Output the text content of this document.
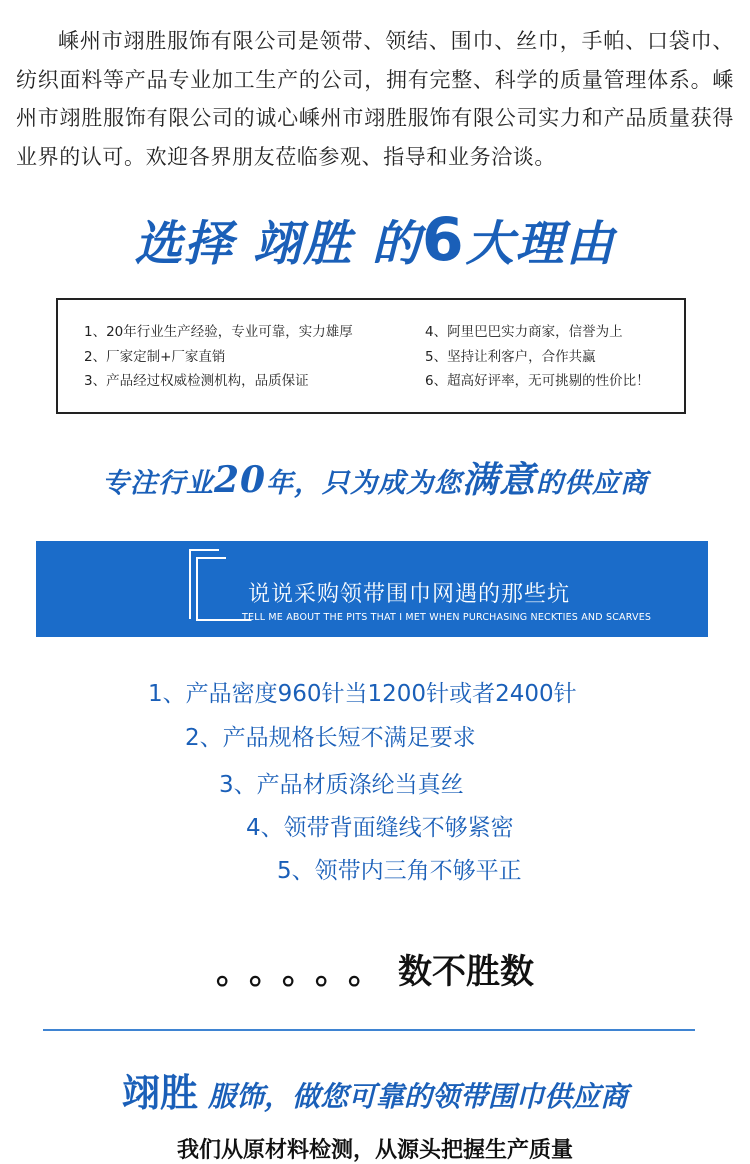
嵊州市翊胜服饰有限公司是领带、领结、围巾、丝巾，手帕、口袋巾、纺织面料等产品专业加工生产的公司，拥有完整、科学的质量管理体系。嵊州市翊胜服饰有限公司的诚心嵊州市翊胜服饰有限公司实力和产品质量获得业界的认可。欢迎各界朋友莅临参观、指导和业务洽谈。

选择 翊胜 的6大理由
1、20年行业生产经验，专业可靠，实力雄厚
2、厂家定制+厂家直销
3、产品经过权威检测机构，品质保证
4、阿里巴巴实力商家，信誉为上
5、坚持让利客户，合作共赢
6、超高好评率，无可挑剔的性价比！
专注行业20年，只为成为您满意的供应商
说说采购领带围巾网遇的那些坑
TELL ME ABOUT THE PITS THAT I MET WHEN PURCHASING NECKTIES AND SCARVES
1、产品密度960针当1200针或者2400针
2、产品规格长短不满足要求
3、产品材质涤纶当真丝
4、领带背面缝线不够紧密
5、领带内三角不够平正
。。。。。数不胜数
翊胜 服饰，做您可靠的领带围巾供应商
我们从原材料检测，从源头把握生产质量
